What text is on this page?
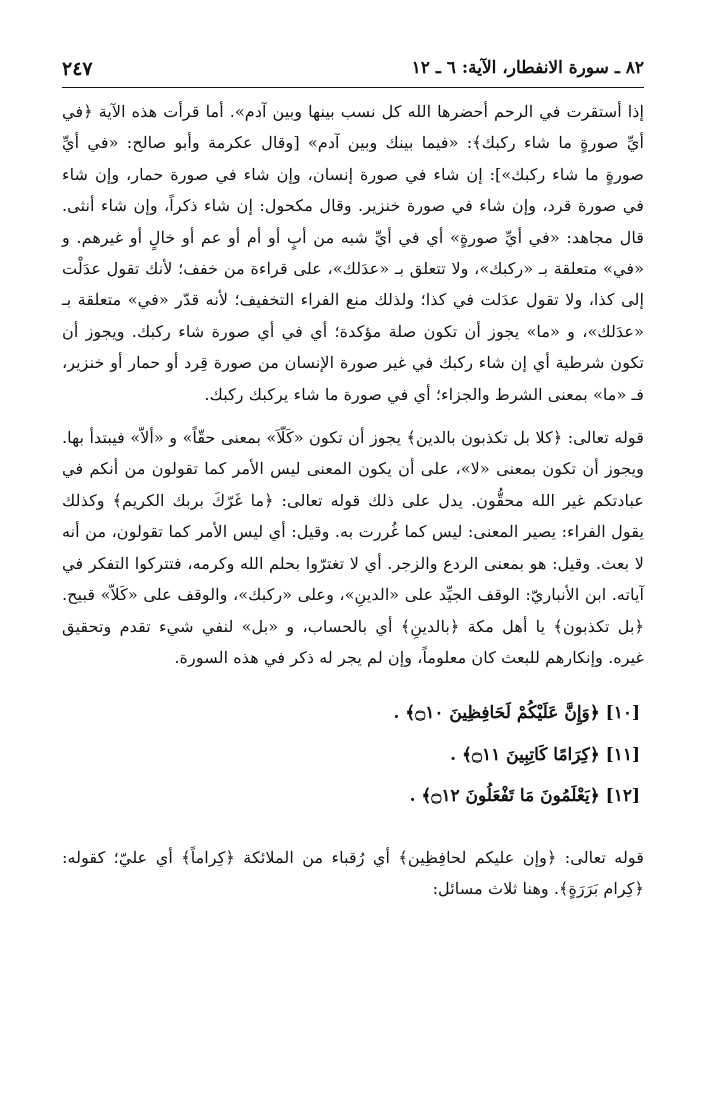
٨٢ ـ سورة الانفطار، الآية: ٦ ـ ١٢
٢٤٧

إذا أستقرت في الرحم أحضرها الله كل نسب بينها وبين آدم». أما قرأت هذه الآية ﴿في أيِّ صورةٍ ما شاء ركبك﴾: «فيما بينك وبين آدم» [وقال عكرمة وأبو صالح: «في أيِّ صورةٍ ما شاء ركبك»]: إن شاء في صورة إنسان، وإن شاء في صورة حمار، وإن شاء في صورة قرد، وإن شاء في صورة خنزير. وقال مكحول: إن شاء ذكراً، وإن شاء أنثى. قال مجاهد: «في أيِّ صورةٍ» أي في أيِّ شبه من أبٍ أو أم أو عم أو خالٍ أو غيرهم. و «في» متعلقة بـ «ركبك»، ولا تتعلق بـ «عدَلك»، على قراءة من خفف؛ لأنك تقول عدَلْت إلى كذا، ولا تقول عدَلت في كذا؛ ولذلك منع الفراء التخفيف؛ لأنه قدّر «في» متعلقة بـ «عدَلك»، و «ما» يجوز أن تكون صلة مؤكدة؛ أي في أي صورة شاء ركبك. ويجوز أن تكون شرطية أي إن شاء ركبك في غير صورة الإنسان من صورة قِرد أو حمار أو خنزير، فـ «ما» بمعنى الشرط والجزاء؛ أي في صورة ما شاء يركبك ركبك.

قوله تعالى: ﴿كلا بل تكذبون بالدين﴾ يجوز أن تكون «كَلّاَ» بمعنى حقّاً» و «ألاّ» فيبتدأ بها. ويجوز أن تكون بمعنى «لا»، على أن يكون المعنى ليس الأمر كما تقولون من أنكم في عبادتكم غير الله محقُّون. يدل على ذلك قوله تعالى: ﴿ما غَرّكَ بربك الكريم﴾ وكذلك يقول الفراء: يصير المعنى: ليس كما غُررت به. وقيل: أي ليس الأمر كما تقولون، من أنه لا بعث. وقيل: هو بمعنى الردع والزجر. أي لا تغترّوا بحلم الله وكرمه، فتتركوا التفكر في آياته. ابن الأنباريّ: الوقف الجيِّد على «الدينِ»، وعلى «ركبك»، والوقف على «كَلاّ» قبيح. ﴿بل تكذبون﴾ يا أهل مكة ﴿بالدينِ﴾ أي بالحساب، و «بل» لنفي شيء تقدم وتحقيق غيره. وإنكارهم للبعث كان معلوماً، وإن لم يجر له ذكر في هذه السورة.

[١٠] ﴿وَإِنَّ عَلَيْكُمْ لَحَافِظِينَ ۝١٠﴾ .
[١١] ﴿كِرَامًا كَاتِبِينَ ۝١١﴾ .
[١٢] ﴿يَعْلَمُونَ مَا تَفْعَلُونَ ۝١٢﴾ .

قوله تعالى: ﴿وإن عليكم لحافِظِين﴾ أي رُقباء من الملائكة ﴿كِراماً﴾ أي عليّ؛ كقوله: ﴿كِرام بَرَرَةٍ﴾. وهنا ثلاث مسائل:
